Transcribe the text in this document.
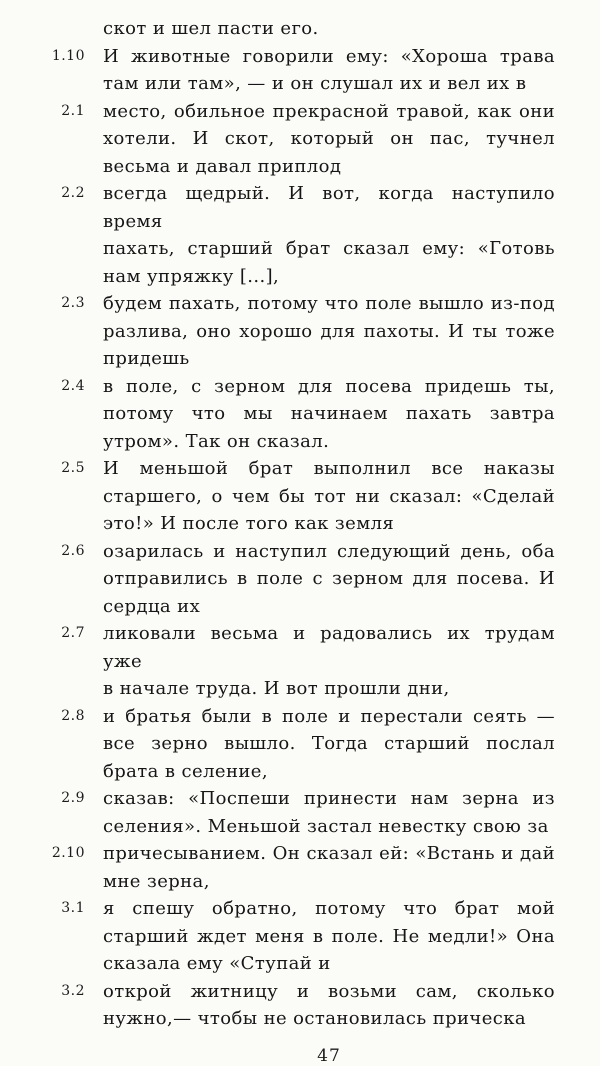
скот и шел пасти его.
1.10 И животные говорили ему: «Хороша трава
там или там», — и он слушал их и вел их в
2.1 место, обильное прекрасной травой, как они
хотели. И скот, который он пас, тучнел
весьма и давал приплод
2.2 всегда щедрый. И вот, когда наступило время
пахать, старший брат сказал ему: «Готовь
нам упряжку [...],
2.3 будем пахать, потому что поле вышло из-под
разлива, оно хорошо для пахоты. И ты тоже
придешь
2.4 в поле, с зерном для посева придешь ты,
потому что мы начинаем пахать завтра
утром». Так он сказал.
2.5 И меньшой брат выполнил все наказы
старшего, о чем бы тот ни сказал: «Сделай
это!» И после того как земля
2.6 озарилась и наступил следующий день, оба
отправились в поле с зерном для посева. И
сердца их
2.7 ликовали весьма и радовались их трудам уже
в начале труда. И вот прошли дни,
2.8 и братья были в поле и перестали сеять —
все зерно вышло. Тогда старший послал
брата в селение,
2.9 сказав: «Поспеши принести нам зерна из
селения». Меньшой застал невестку свою за
2.10 причесыванием. Он сказал ей: «Встань и дай
мне зерна,
3.1 я спешу обратно, потому что брат мой
старший ждет меня в поле. Не медли!» Она
сказала ему «Ступай и
3.2 открой житницу и возьми сам, сколько
нужно,— чтобы не остановилась прическа
47
